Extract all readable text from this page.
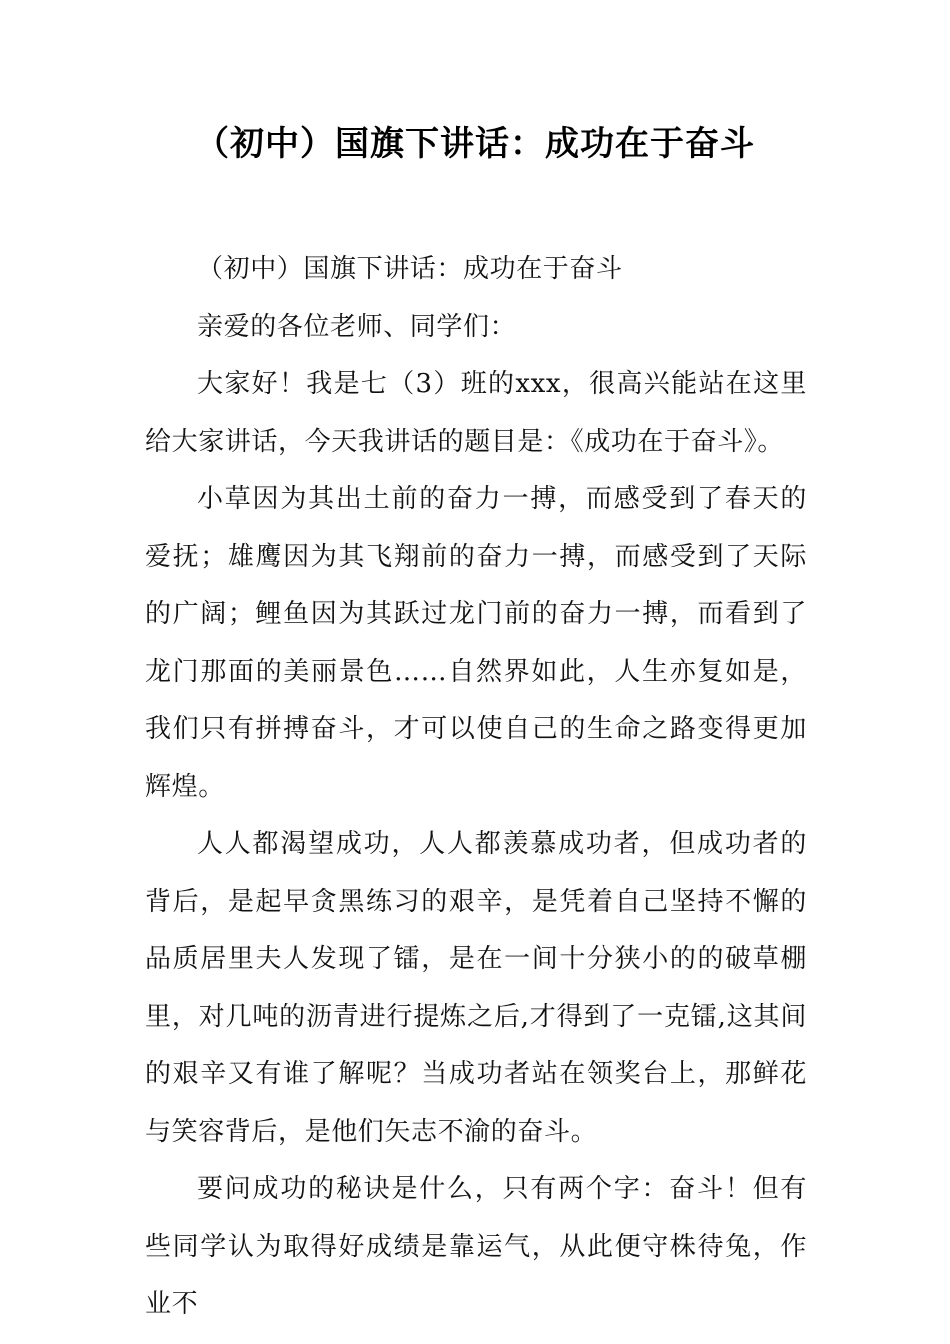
（初中）国旗下讲话：成功在于奋斗

（初中）国旗下讲话：成功在于奋斗

亲爱的各位老师、同学们：

大家好！我是七（3）班的xxx，很高兴能站在这里给大家讲话，今天我讲话的题目是：《成功在于奋斗》。

小草因为其出土前的奋力一搏，而感受到了春天的爱抚；雄鹰因为其飞翔前的奋力一搏，而感受到了天际的广阔；鲤鱼因为其跃过龙门前的奋力一搏，而看到了龙门那面的美丽景色……自然界如此，人生亦复如是，我们只有拼搏奋斗，才可以使自己的生命之路变得更加辉煌。

人人都渴望成功，人人都羡慕成功者，但成功者的背后，是起早贪黑练习的艰辛，是凭着自己坚持不懈的品质居里夫人发现了镭，是在一间十分狭小的的破草棚里，对几吨的沥青进行提炼之后,才得到了一克镭,这其间的艰辛又有谁了解呢？当成功者站在领奖台上，那鲜花与笑容背后，是他们矢志不渝的奋斗。

要问成功的秘诀是什么，只有两个字：奋斗！但有些同学认为取得好成绩是靠运气，从此便守株待兔，作业不
